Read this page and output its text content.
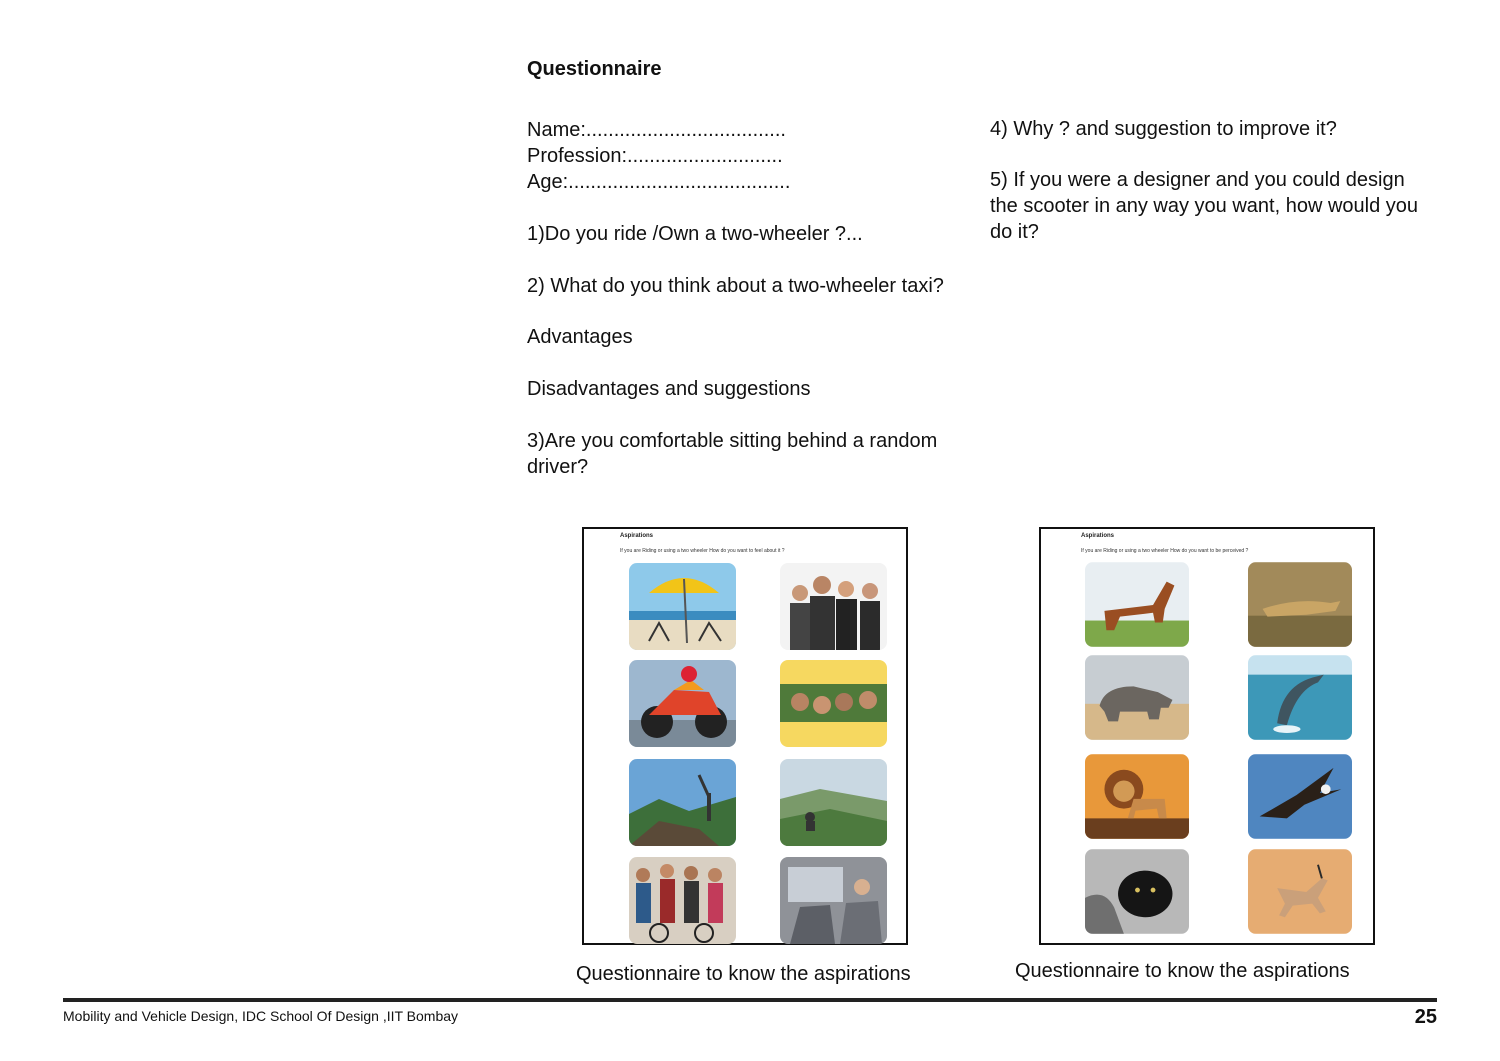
Questionnaire
Name:....................................
Profession:............................
Age:........................................
1)Do you ride /Own a two-wheeler ?...
2) What do you think about a two-wheeler taxi?
Advantages
Disadvantages and suggestions
3)Are you comfortable sitting behind a random driver?
4) Why ? and suggestion to improve it?
5) If you were a designer and you could design the scooter in any way you want, how would you do it?
Aspirations
If you are Riding or using a two wheeler How do you want to feel about it ?
Questionnaire to know the aspirations
Aspirations
If you are Riding or using a two wheeler How do you want to be perceived ?
Questionnaire to know the aspirations
Mobility and Vehicle Design, IDC School Of Design ,IIT Bombay	25
